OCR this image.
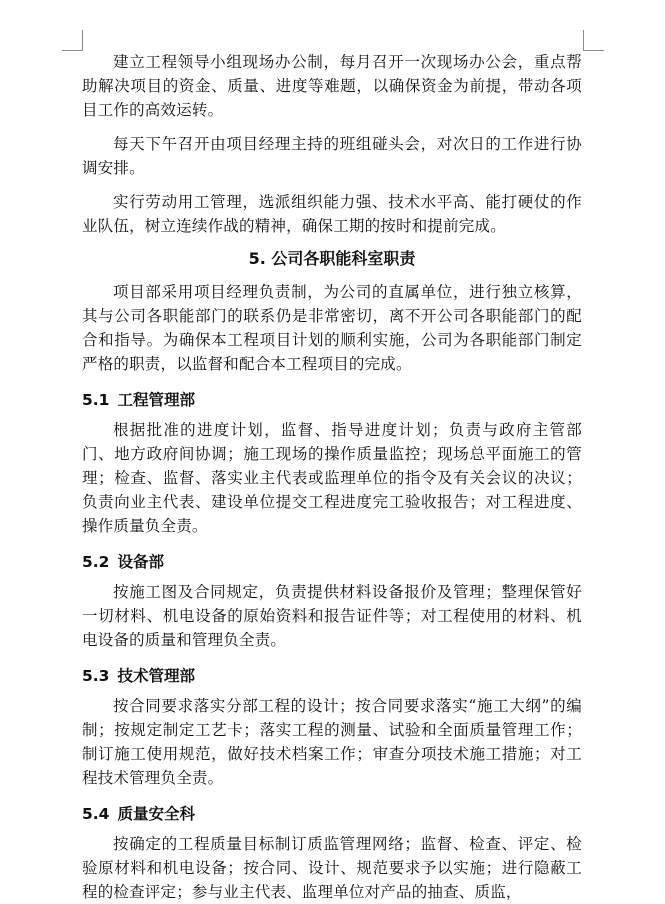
建立工程领导小组现场办公制，每月召开一次现场办公会，重点帮助解决项目的资金、质量、进度等难题，以确保资金为前提，带动各项目工作的高效运转。

每天下午召开由项目经理主持的班组碰头会，对次日的工作进行协调安排。

实行劳动用工管理，选派组织能力强、技术水平高、能打硬仗的作业队伍，树立连续作战的精神，确保工期的按时和提前完成。

5. 公司各职能科室职责

项目部采用项目经理负责制，为公司的直属单位，进行独立核算，其与公司各职能部门的联系仍是非常密切，离不开公司各职能部门的配合和指导。为确保本工程项目计划的顺利实施，公司为各职能部门制定严格的职责，以监督和配合本工程项目的完成。

5.1 工程管理部

根据批准的进度计划，监督、指导进度计划；负责与政府主管部门、地方政府间协调；施工现场的操作质量监控；现场总平面施工的管理；检查、监督、落实业主代表或监理单位的指令及有关会议的决议；负责向业主代表、建设单位提交工程进度完工验收报告；对工程进度、操作质量负全责。

5.2 设备部

按施工图及合同规定，负责提供材料设备报价及管理；整理保管好一切材料、机电设备的原始资料和报告证件等；对工程使用的材料、机电设备的质量和管理负全责。

5.3 技术管理部

按合同要求落实分部工程的设计；按合同要求落实“施工大纲”的编制；按规定制定工艺卡；落实工程的测量、试验和全面质量管理工作；制订施工使用规范，做好技术档案工作；审查分项技术施工措施；对工程技术管理负全责。

5.4 质量安全科

按确定的工程质量目标制订质监管理网络；监督、检查、评定、检验原材料和机电设备；按合同、设计、规范要求予以实施；进行隐蔽工程的检查评定；参与业主代表、监理单位对产品的抽查、质监，
